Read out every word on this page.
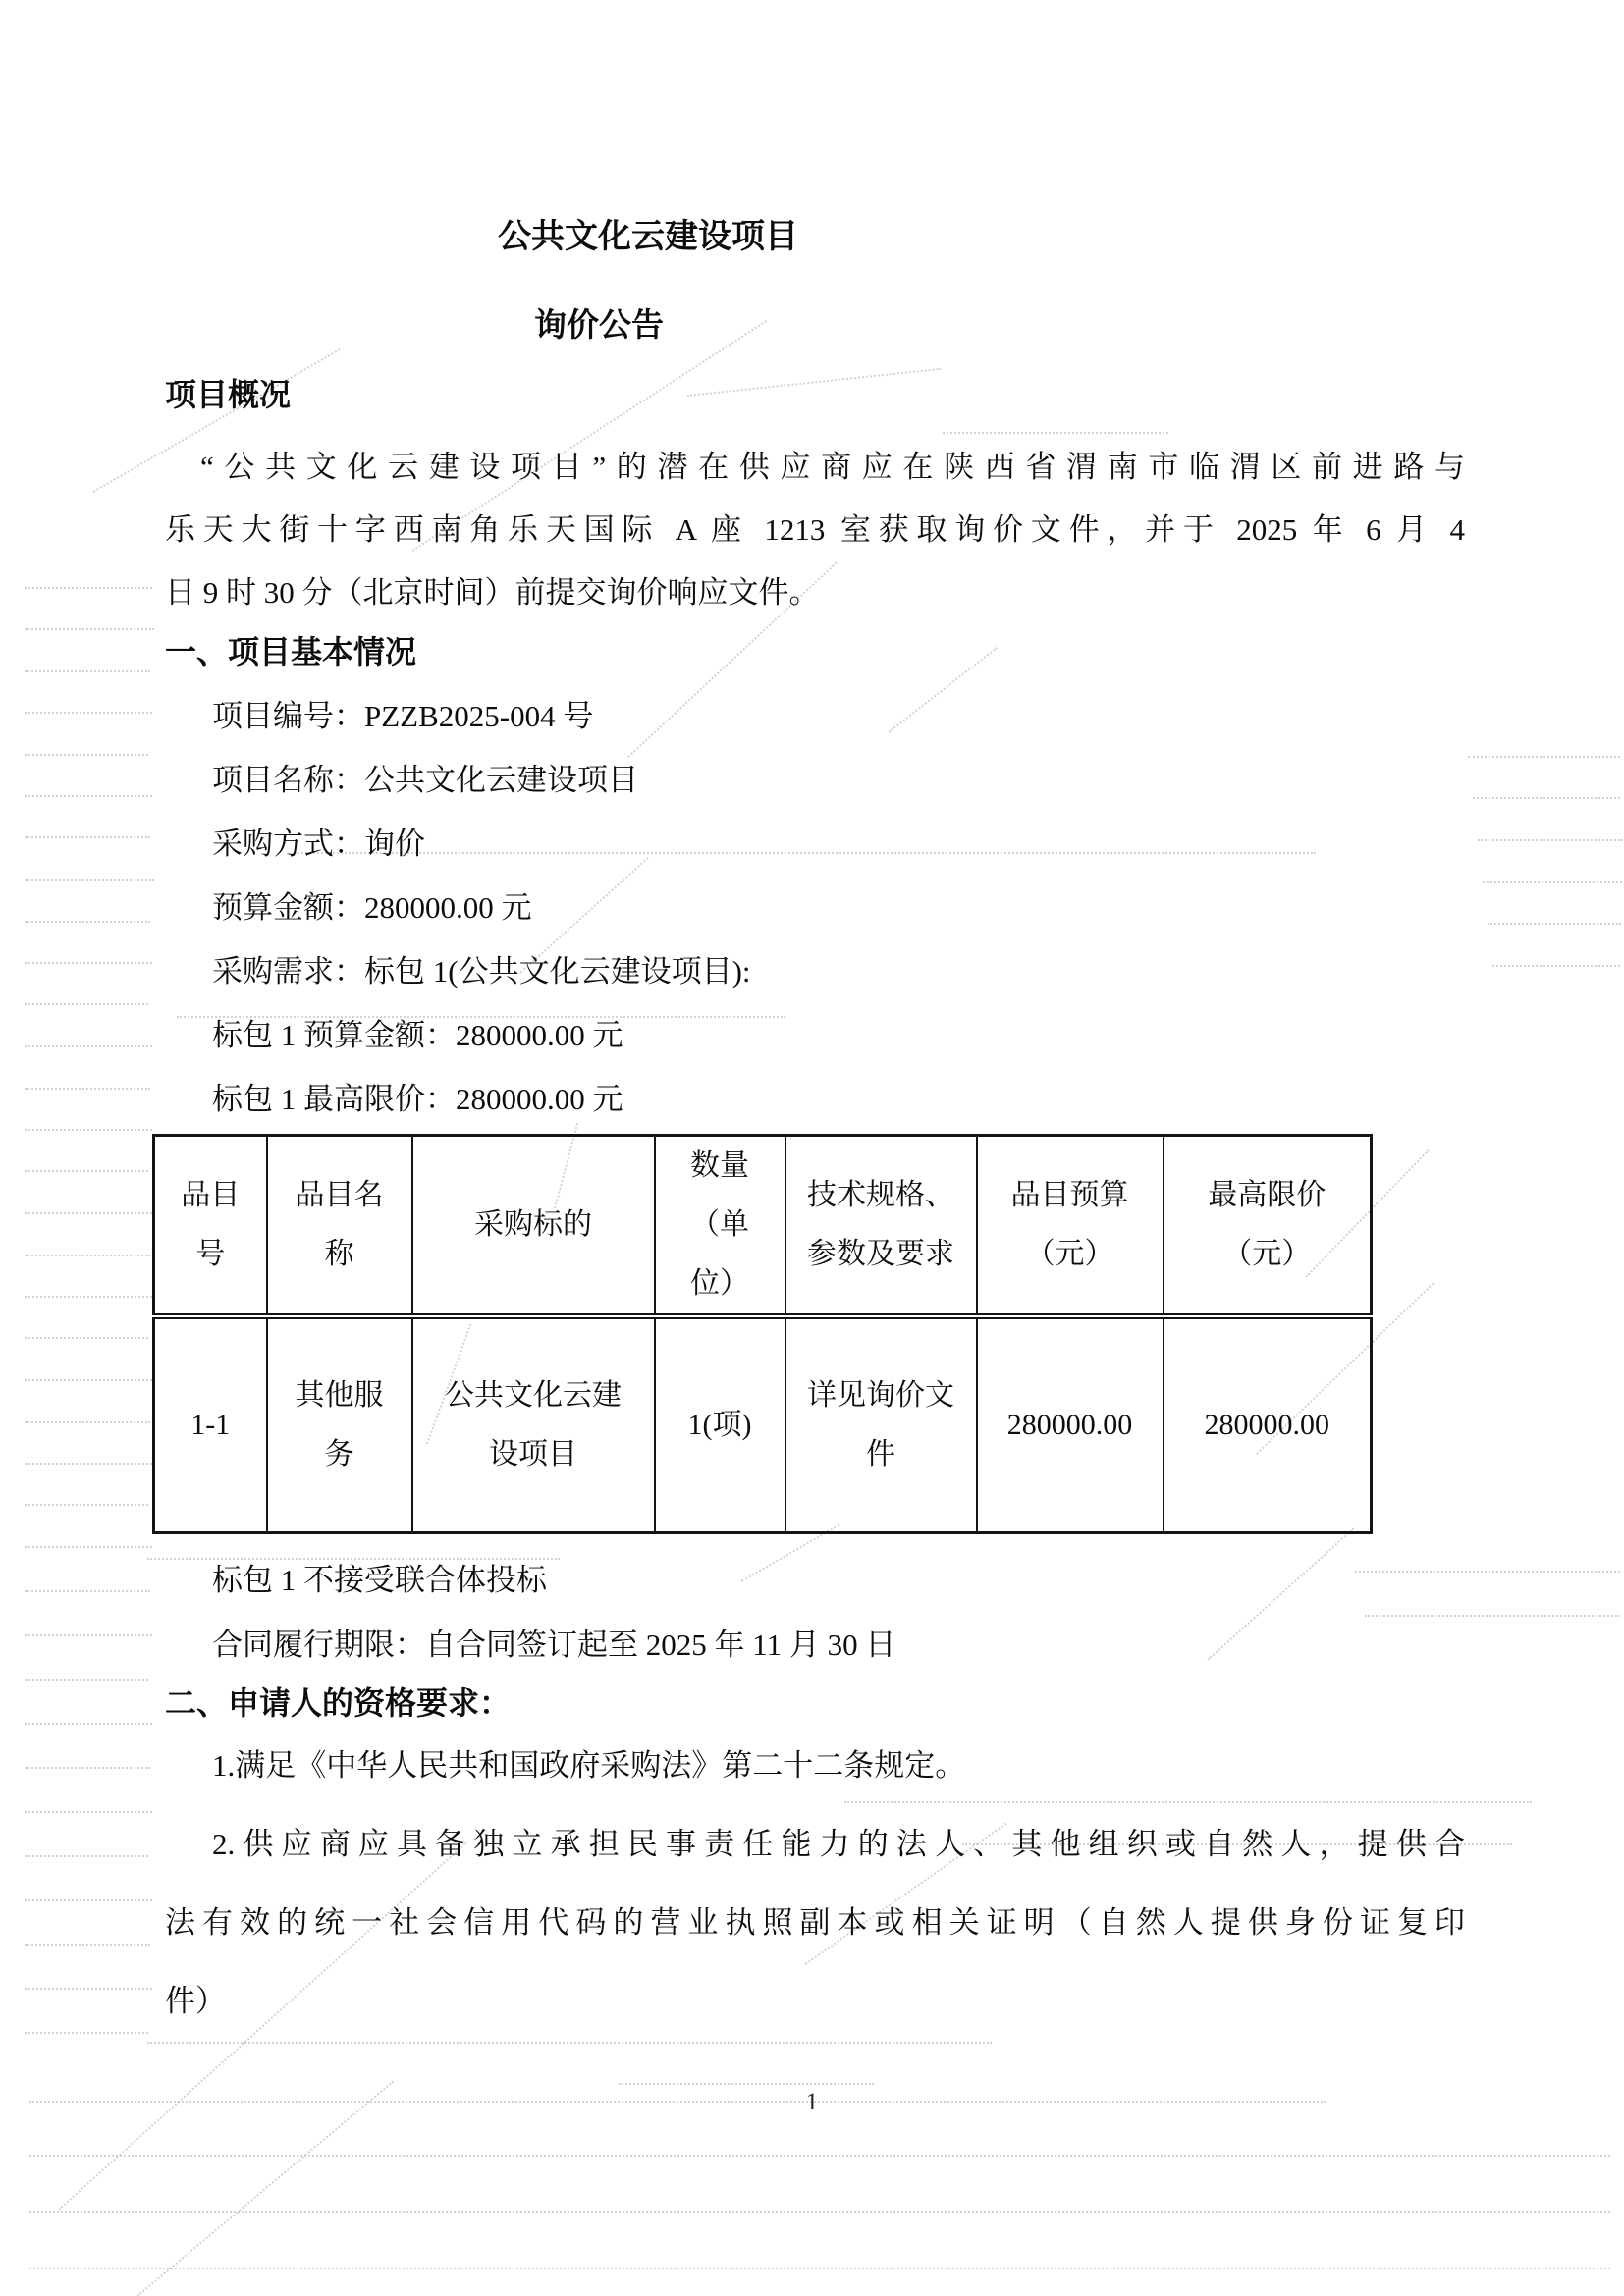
公共文化云建设项目
询价公告
项目概况
“公共文化云建设项目”的潜在供应商应在陕西省渭南市临渭区前进路与
乐天大街十字西南角乐天国际 A 座 1213 室获取询价文件，并于 2025 年 6 月 4
日 9 时 30 分（北京时间）前提交询价响应文件。
一、项目基本情况
项目编号：PZZB2025-004 号
项目名称：公共文化云建设项目
采购方式：询价
预算金额：280000.00 元
采购需求：标包 1(公共文化云建设项目):
标包 1 预算金额：280000.00 元
标包 1 最高限价：280000.00 元
品目号	品目名称	采购标的	数量（单位）	技术规格、参数及要求	品目预算（元）	最高限价（元）
1-1	其他服务	公共文化云建设项目	1(项)	详见询价文件	280000.00	280000.00
标包 1 不接受联合体投标
合同履行期限：自合同签订起至 2025 年 11 月 30 日
二、申请人的资格要求：
1.满足《中华人民共和国政府采购法》第二十二条规定。
2.供应商应具备独立承担民事责任能力的法人、其他组织或自然人，提供合
法有效的统一社会信用代码的营业执照副本或相关证明（自然人提供身份证复印
件）
1
